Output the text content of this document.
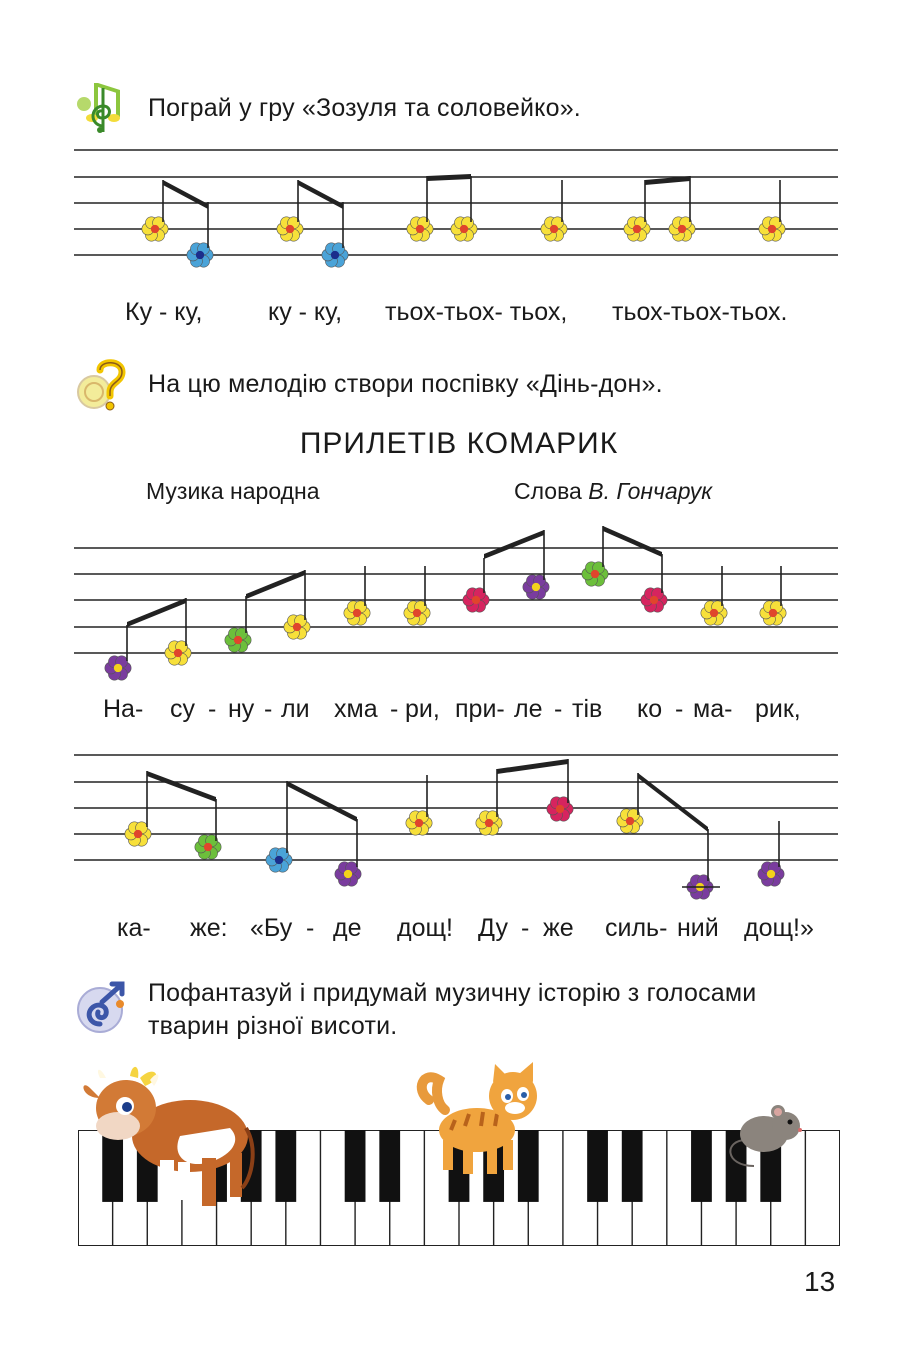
Пограй у гру «Зозуля та соловейко».
Ку - ку,	ку - ку, тьох-тьох- тьох, тьох-тьох-тьох.
На цю мелодію створи поспівку «Дінь-дон».
ПРИЛЕТІВ КОМАРИК
Музика народна	Слова В. Гончарук
На- су - ну - ли хма - ри, при- ле - тів ко - ма- рик,
ка- же: «Бу - де дощ! Ду - же силь- ний дощ!»
Пофантазуй і придумай музичну історію з голосами
тварин різної висоти.
13
